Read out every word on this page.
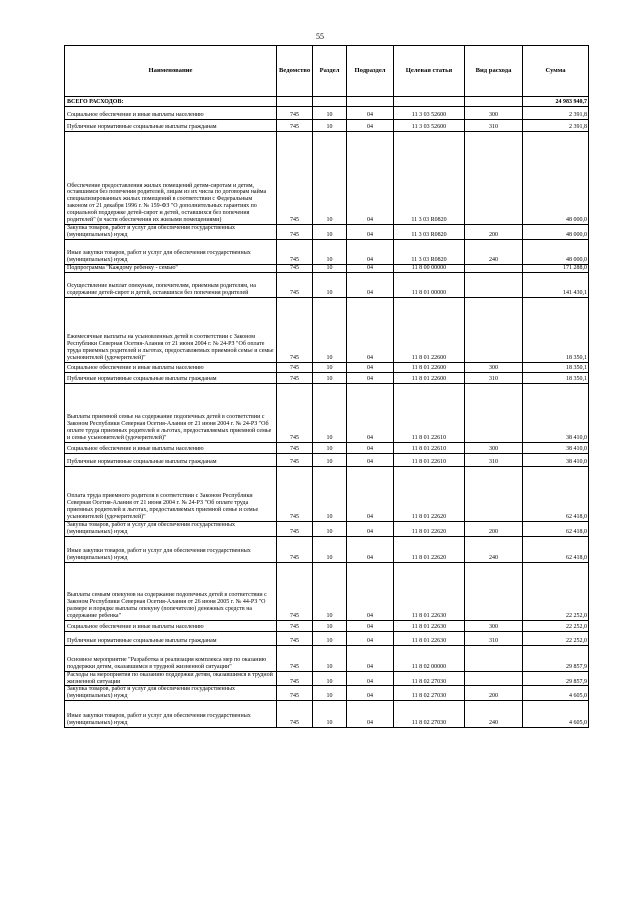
55
Наименование	Ведомство	Раздел	Подраздел	Целевая статья	Вид расхода	Сумма
ВСЕГО РАСХОДОВ:						24 983 940,7
Социальное обеспечение и иные выплаты населению	745	10	04	11 3 03 52600	300	2 391,8
Публичные нормативные социальные выплаты гражданам	745	10	04	11 3 03 52600	310	2 391,8
Обеспечение предоставления жилых помещений детям-сиротам и детям, оставшимся без попечения родителей, лицам из их числа по договорам найма специализированных жилых помещений в соответствии с Федеральным законом от 21 декабря 1996 г. № 159-ФЗ "О дополнительных гарантиях по социальной поддержке детей-сирот и детей, оставшихся без попечения родителей" (в части обеспечения их жилыми помещениями)	745	10	04	11 3 03 R0820		48 000,0
Закупка товаров, работ и услуг для обеспечения государственных (муниципальных) нужд	745	10	04	11 3 03 R0820	200	48 000,0
Иные закупки товаров, работ и услуг для обеспечения государственных (муниципальных) нужд	745	10	04	11 3 03 R0820	240	48 000,0
Подпрограмма "Каждому ребенку - семью"	745	10	04	11 8 00 00000		171 288,0
Осуществление выплат опекунам, попечителям, приемным родителям, на содержание детей-сирот и детей, оставшихся без попечения родителей	745	10	04	11 8 01 00000		141 430,1
Ежемесячные выплаты на усыновленных детей в соответствии с Законом Республики Северная Осетия-Алания от 21 июня 2004 г. № 24-РЗ "Об оплате труда приемных родителей и льготах, предоставляемых приемной семье и семье усыновителей (удочерителей)"	745	10	04	11 8 01 22600		18 350,1
Социальное обеспечение и иные выплаты населению	745	10	04	11 8 01 22600	300	18 350,1
Публичные нормативные социальные выплаты гражданам	745	10	04	11 8 01 22600	310	18 350,1
Выплаты приемной семье на содержание подопечных детей в соответствии с Законом Республики Северная Осетия-Алания от 21 июня 2004 г. № 24-РЗ "Об оплате труда приемных родителей и льготах, предоставляемых приемной семье и семье усыновителей (удочерителей)"	745	10	04	11 8 01 22610		38 410,0
Социальное обеспечение и иные выплаты населению	745	10	04	11 8 01 22610	300	38 410,0
Публичные нормативные социальные выплаты гражданам	745	10	04	11 8 01 22610	310	38 410,0
Оплата труда приемного родителя в соответствии с Законом Республики Северная Осетия-Алания от 21 июня 2004 г. № 24-РЗ "Об оплате труда приемных родителей и льготах, предоставляемых приемной семье и семье усыновителей (удочерителей)"	745	10	04	11 8 01 22620		62 418,0
Закупка товаров, работ и услуг для обеспечения государственных (муниципальных) нужд	745	10	04	11 8 01 22620	200	62 418,0
Иные закупки товаров, работ и услуг для обеспечения государственных (муниципальных) нужд	745	10	04	11 8 01 22620	240	62 418,0
Выплаты семьям опекунов на содержание подопечных детей в соответствии с Законом Республики Северная Осетия-Алания от 26 июня 2005 г. № 44-РЗ "О размере и порядке выплаты опекуну (попечителю) денежных средств на содержание ребенка"	745	10	04	11 8 01 22630		22 252,0
Социальное обеспечение и иные выплаты населению	745	10	04	11 8 01 22630	300	22 252,0
Публичные нормативные социальные выплаты гражданам	745	10	04	11 8 01 22630	310	22 252,0
Основное мероприятие "Разработка и реализация комплекса мер по оказанию поддержки детям, оказавшимся в трудной жизненной ситуации"	745	10	04	11 8 02 00000		29 857,9
Расходы на мероприятия по оказанию поддержки детям, оказавшимся в трудной жизненной ситуации	745	10	04	11 8 02 27030		29 857,9
Закупка товаров, работ и услуг для обеспечения государственных (муниципальных) нужд	745	10	04	11 8 02 27030	200	4 605,0
Иные закупки товаров, работ и услуг для обеспечения государственных (муниципальных) нужд	745	10	04	11 8 02 27030	240	4 605,0
